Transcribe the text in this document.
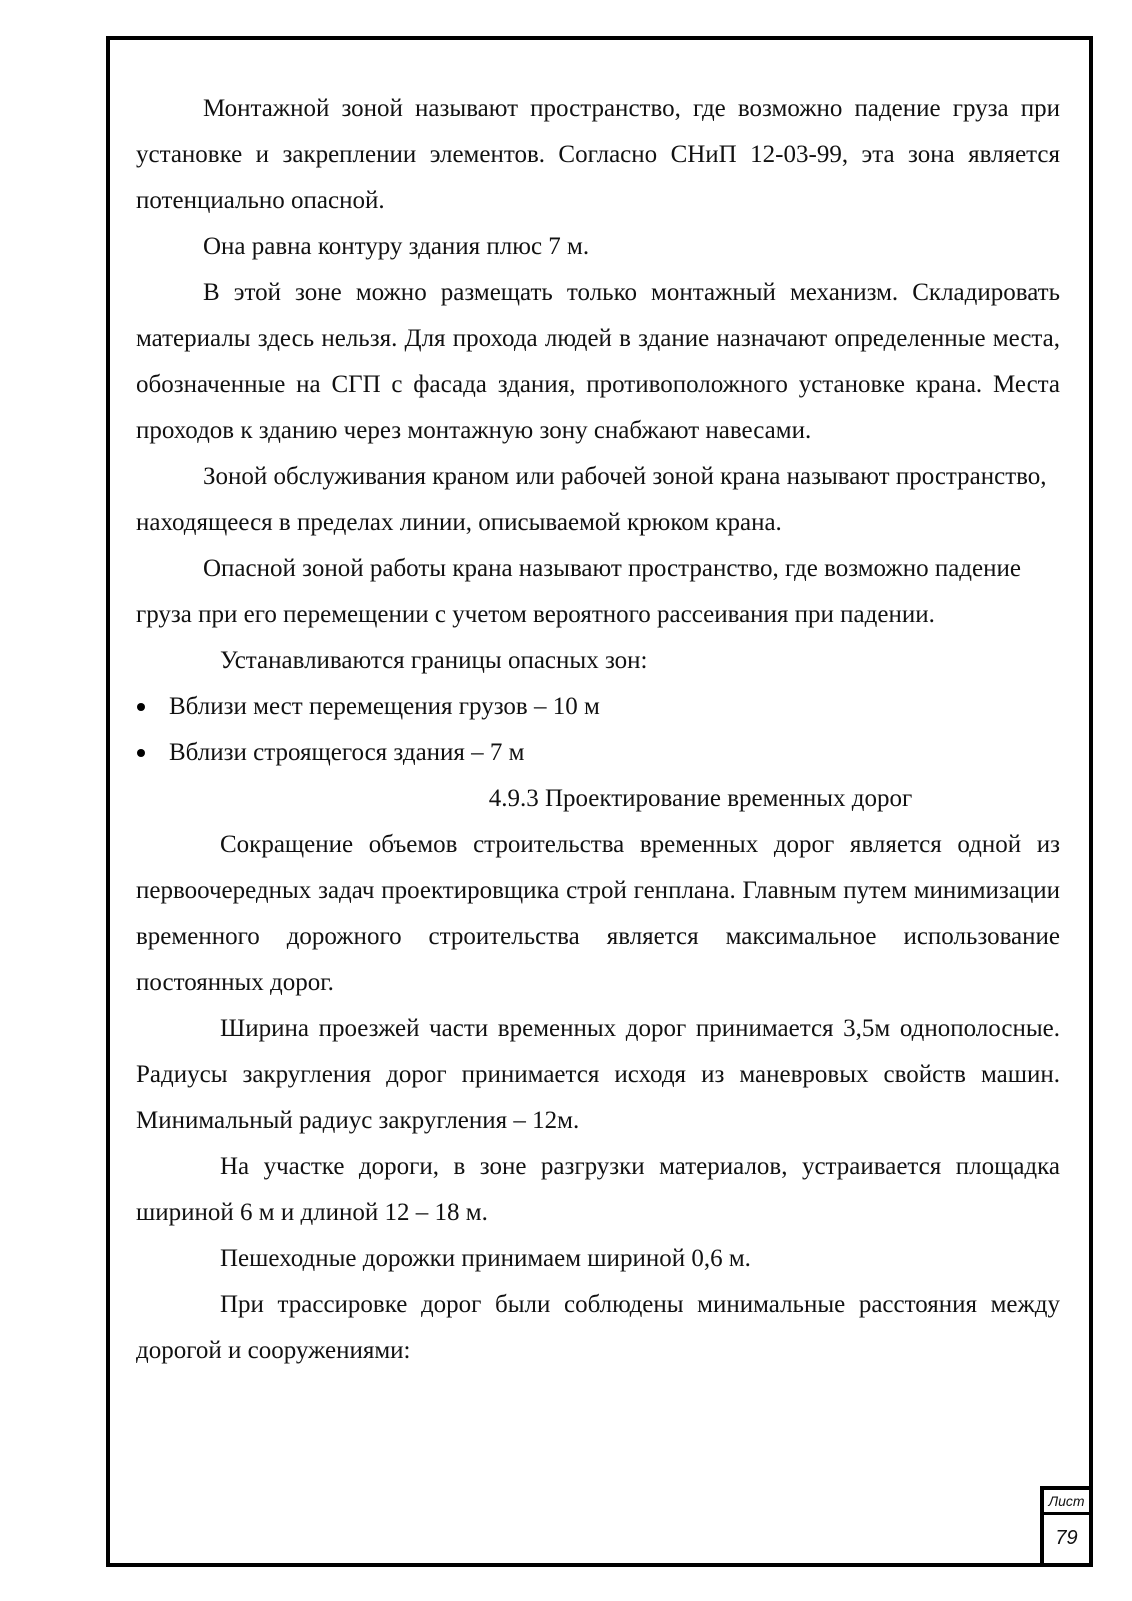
Монтажной зоной называют пространство, где возможно падение груза при установке и закреплении элементов. Согласно СНиП 12-03-99, эта зона является потенциально опасной.

Она равна контуру здания плюс 7 м.

В этой зоне можно размещать только монтажный механизм. Складировать материалы здесь нельзя. Для прохода людей в здание назначают определенные места, обозначенные на СГП с фасада здания, противоположного установке крана. Места проходов к зданию через монтажную зону снабжают навесами.

Зоной обслуживания краном или рабочей зоной крана называют пространство, находящееся в пределах линии, описываемой крюком крана.

Опасной зоной работы крана называют пространство, где возможно падение груза при его перемещении с учетом вероятного рассеивания при падении.

Устанавливаются границы опасных зон:

Вблизи мест перемещения грузов – 10 м
Вблизи строящегося здания – 7 м

4.9.3 Проектирование временных дорог

Сокращение объемов строительства временных дорог является одной из первоочередных задач проектировщика строй генплана. Главным путем минимизации временного дорожного строительства является максимальное использование постоянных дорог.

Ширина проезжей части временных дорог принимается 3,5м однополосные. Радиусы закругления дорог принимается исходя из маневровых свойств машин. Минимальный радиус закругления – 12м.

На участке дороги, в зоне разгрузки материалов, устраивается площадка шириной 6 м и длиной 12 – 18 м.

Пешеходные дорожки принимаем шириной 0,6 м.

При трассировке дорог были соблюдены минимальные расстояния между дорогой и сооружениями:

Лист
79
